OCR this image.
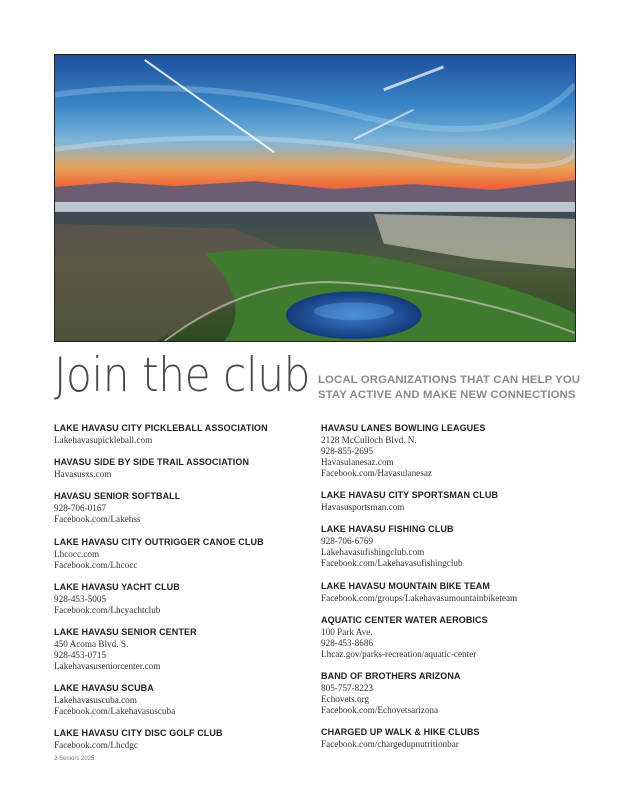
Join the club LOCAL ORGANIZATIONS THAT CAN HELP YOU STAY ACTIVE AND MAKE NEW CONNECTIONS
LAKE HAVASU CITY PICKLEBALL ASSOCIATION
Lakehavasupickleball.com
HAVASU SIDE BY SIDE TRAIL ASSOCIATION
Havasusxs.com
HAVASU SENIOR SOFTBALL
928-706-0167
Facebook.com/Lakehss
LAKE HAVASU CITY OUTRIGGER CANOE CLUB
Lhcocc.com
Facebook.com/Lhcocc
LAKE HAVASU YACHT CLUB
928-453-5005
Facebook.com/Lhcyachtclub
LAKE HAVASU SENIOR CENTER
450 Acoma Blvd. S.
928-453-0715
Lakehavasuseniorcenter.com
LAKE HAVASU SCUBA
Lakehavasuscuba.com
Facebook.com/Lakehavasuscuba
LAKE HAVASU CITY DISC GOLF CLUB
Facebook.com/Lhcdgc
HAVASU LANES BOWLING LEAGUES
2128 McCulloch Blvd. N.
928-855-2695
Havasulanesaz.com
Facebook.com/Havasulanesaz
LAKE HAVASU CITY SPORTSMAN CLUB
Havasusportsman.com
LAKE HAVASU FISHING CLUB
928-706-6769
Lakehavasufishingclub.com
Facebook.com/Lakehavasufishingclub
LAKE HAVASU MOUNTAIN BIKE TEAM
Facebook.com/groups/Lakehavasumountainbiketeam
AQUATIC CENTER WATER AEROBICS
100 Park Ave.
928-453-8686
Lhcaz.gov/parks-recreation/aquatic-center
BAND OF BROTHERS ARIZONA
805-757-8223
Echovets.org
Facebook.com/Echovetsarizona
CHARGED UP WALK & HIKE CLUBS
Facebook.com/chargedupnutritionbar
2 Seniors 2025
